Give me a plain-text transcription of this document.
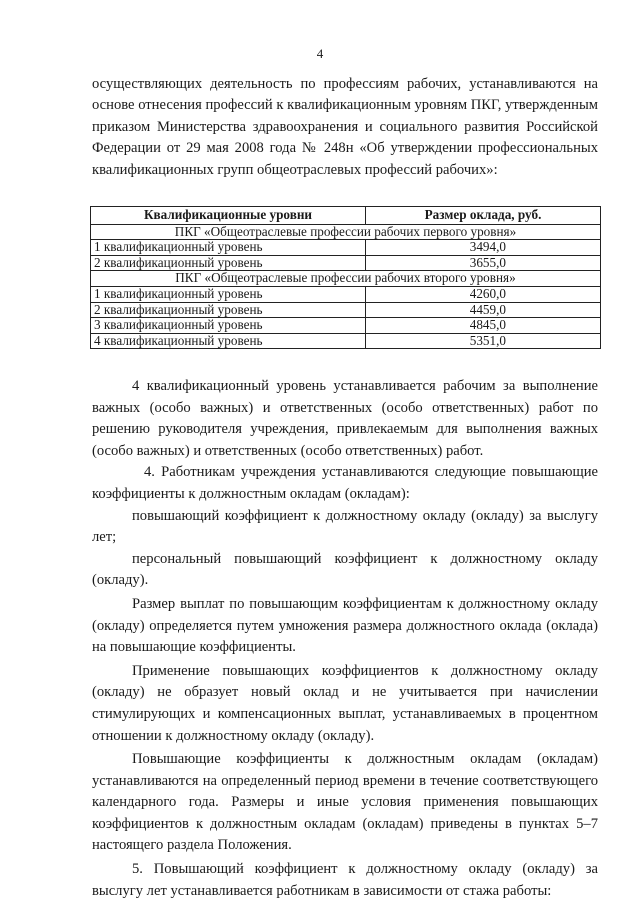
4

осуществляющих деятельность по профессиям рабочих, устанавливаются на основе отнесения профессий к квалификационным уровням ПКГ, утвержденным приказом Министерства здравоохранения и социального развития Российской Федерации от 29 мая 2008 года № 248н «Об утверждении профессиональных квалификационных групп общеотраслевых профессий рабочих»:

Квалификационные уровни	Размер оклада, руб.
ПКГ «Общеотраслевые профессии рабочих первого уровня»	
1 квалификационный уровень	3494,0
2 квалификационный уровень	3655,0
ПКГ «Общеотраслевые профессии рабочих второго уровня»	
1 квалификационный уровень	4260,0
2 квалификационный уровень	4459,0
3 квалификационный уровень	4845,0
4 квалификационный уровень	5351,0

4 квалификационный уровень устанавливается рабочим за выполнение важных (особо важных) и ответственных (особо ответственных) работ по решению руководителя учреждения, привлекаемым для выполнения важных (особо важных) и ответственных (особо ответственных) работ.

4. Работникам учреждения устанавливаются следующие повышающие коэффициенты к должностным окладам (окладам):

повышающий коэффициент к должностному окладу (окладу) за выслугу лет;

персональный повышающий коэффициент к должностному окладу (окладу).

Размер выплат по повышающим коэффициентам к должностному окладу (окладу) определяется путем умножения размера должностного оклада (оклада) на повышающие коэффициенты.

Применение повышающих коэффициентов к должностному окладу (окладу) не образует новый оклад и не учитывается при начислении стимулирующих и компенсационных выплат, устанавливаемых в процентном отношении к должностному окладу (окладу).

Повышающие коэффициенты к должностным окладам (окладам) устанавливаются на определенный период времени в течение соответствующего календарного года. Размеры и иные условия применения повышающих коэффициентов к должностным окладам (окладам) приведены в пунктах 5–7 настоящего раздела Положения.

5. Повышающий коэффициент к должностному окладу (окладу) за выслугу лет устанавливается работникам в зависимости от стажа работы:
